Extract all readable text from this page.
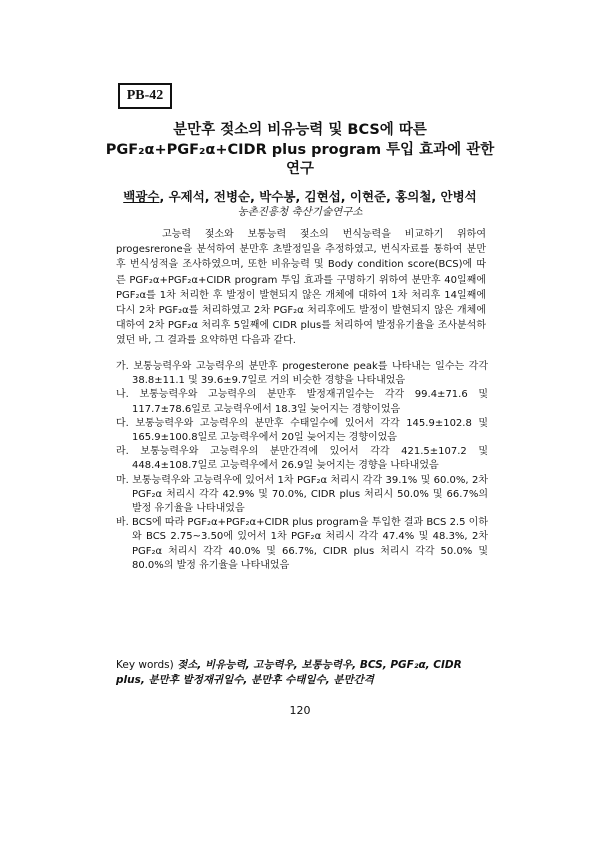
PB-42
분만후 젖소의 비유능력 및 BCS에 따른
PGF₂α+PGF₂α+CIDR plus program 투입 효과에 관한
연구
백광수, 우제석, 전병순, 박수봉, 김현섭, 이현준, 홍의철, 안병석
농촌진흥청 축산기술연구소

고능력 젖소와 보통능력 젖소의 번식능력을 비교하기 위하여 progesrerone을 분석하여 분만후 초발정일을 추정하였고, 번식자료를 통하여 분만후 번식성적을 조사하였으며, 또한 비유능력 및 Body condition score(BCS)에 따른 PGF₂α+PGF₂α+CIDR program 투입 효과를 구명하기 위하여 분만후 40일째에 PGF₂α를 1차 처리한 후 발정이 발현되지 않은 개체에 대하여 1차 처리후 14일째에 다시 2차 PGF₂α를 처리하였고 2차 PGF₂α 처리후에도 발정이 발현되지 않은 개체에 대하여 2차 PGF₂α 처리후 5일째에 CIDR plus를 처리하여 발정유기율을 조사분석하였던 바, 그 결과를 요약하면 다음과 같다.

가. 보통능력우와 고능력우의 분만후 progesterone peak를 나타내는 일수는 각각 38.8±11.1 및 39.6±9.7일로 거의 비슷한 경향을 나타내었음
나. 보통능력우와 고능력우의 분만후 발정재귀일수는 각각 99.4±71.6 및 117.7±78.6일로 고능력우에서 18.3일 늦어지는 경향이었음
다. 보통능력우와 고능력우의 분만후 수태일수에 있어서 각각 145.9±102.8 및 165.9±100.8일로 고능력우에서 20일 늦어지는 경향이었음
라. 보통능력우와 고능력우의 분만간격에 있어서 각각 421.5±107.2 및 448.4±108.7일로 고능력우에서 26.9일 늦어지는 경향을 나타내었음
마. 보통능력우와 고능력우에 있어서 1차 PGF₂α 처리시 각각 39.1% 및 60.0%, 2차 PGF₂α 처리시 각각 42.9% 및 70.0%, CIDR plus 처리시 50.0% 및 66.7%의 발정 유기율을 나타내었음
바. BCS에 따라 PGF₂α+PGF₂α+CIDR plus program을 투입한 결과 BCS 2.5 이하와 BCS 2.75~3.50에 있어서 1차 PGF₂α 처리시 각각 47.4% 및 48.3%, 2차 PGF₂α 처리시 각각 40.0% 및 66.7%, CIDR plus 처리시 각각 50.0% 및 80.0%의 발정 유기율을 나타내었음

Key words) 젖소, 비유능력, 고능력우, 보통능력우, BCS, PGF₂α, CIDR plus, 분만후 발정재귀일수, 분만후 수태일수, 분만간격

120
